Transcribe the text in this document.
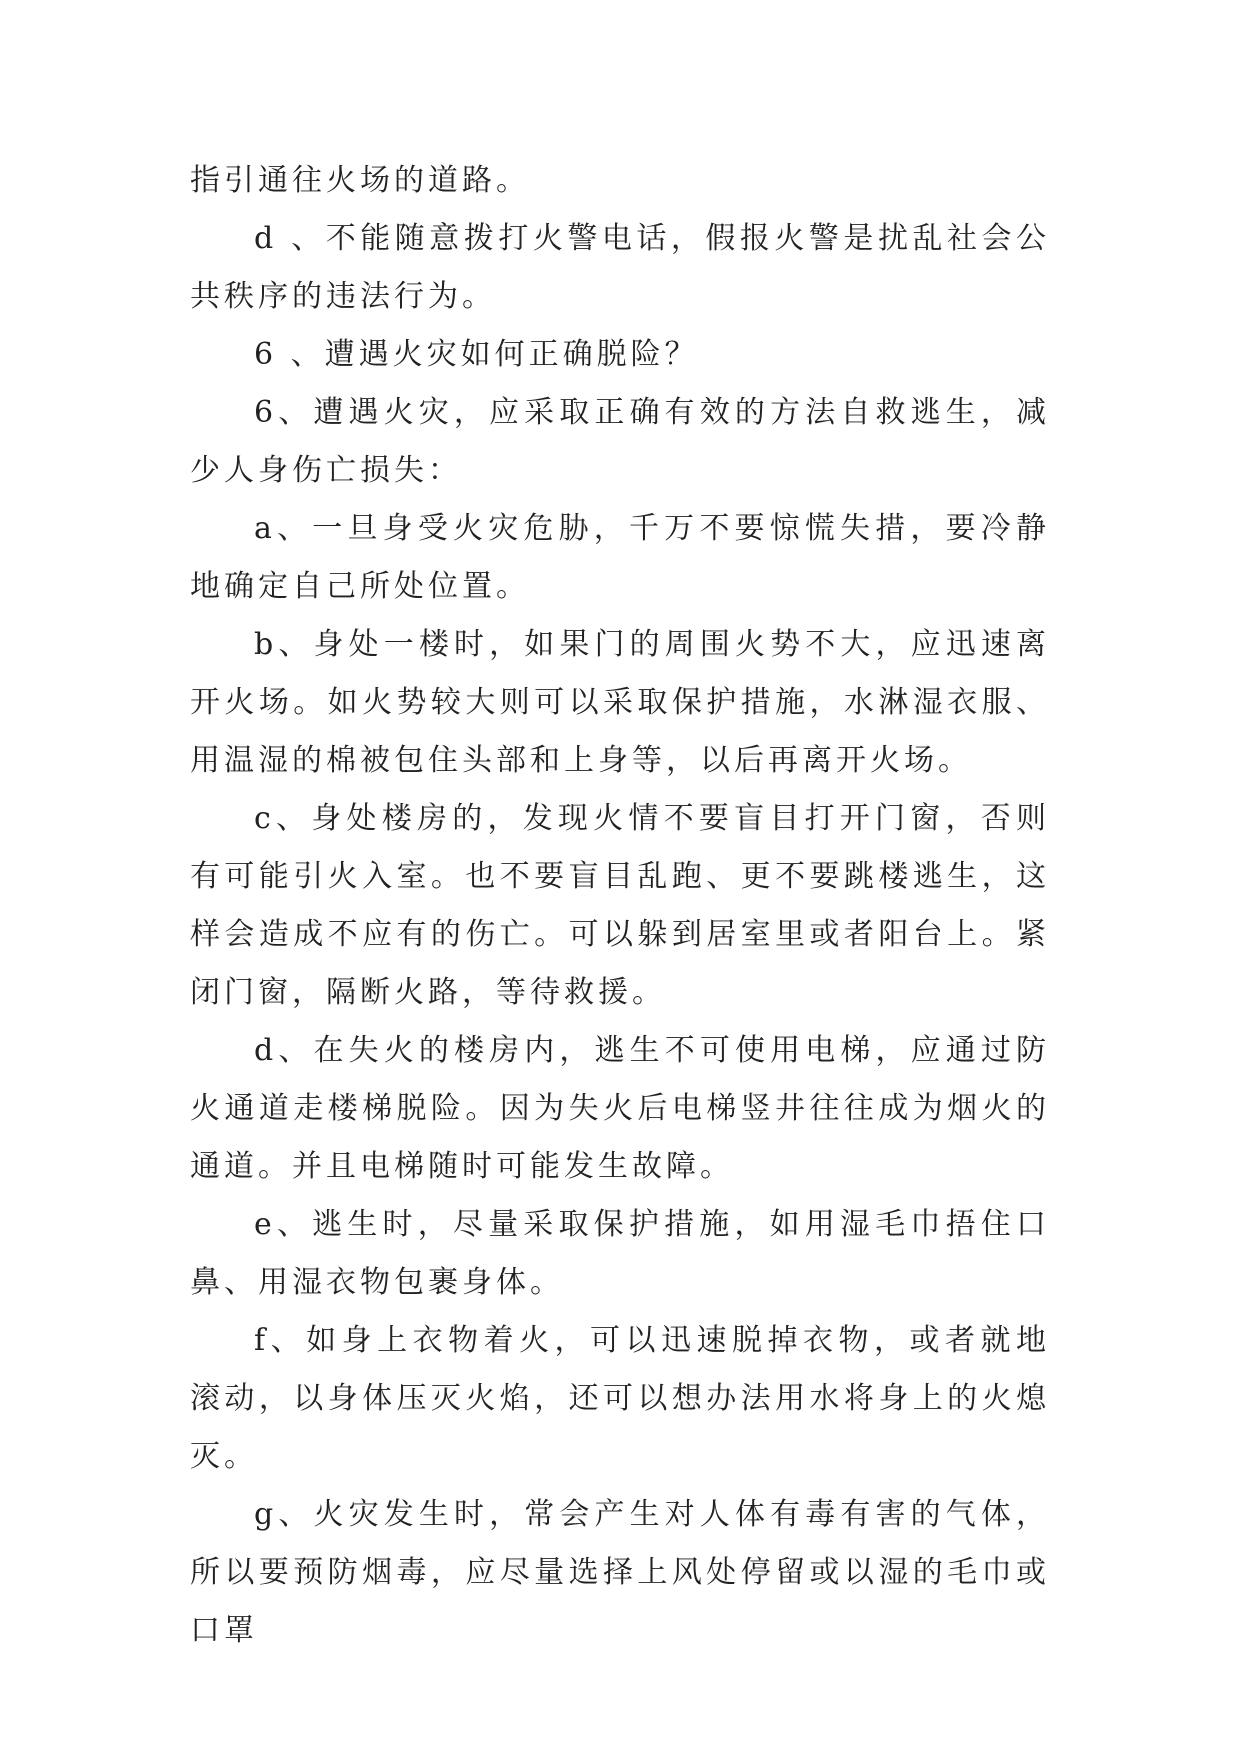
指引通往火场的道路。

d 、不能随意拨打火警电话，假报火警是扰乱社会公共秩序的违法行为。

6 、遭遇火灾如何正确脱险？

6、遭遇火灾，应采取正确有效的方法自救逃生，减少人身伤亡损失：

a、一旦身受火灾危胁，千万不要惊慌失措，要冷静地确定自己所处位置。

b、身处一楼时，如果门的周围火势不大，应迅速离开火场。如火势较大则可以采取保护措施，水淋湿衣服、用温湿的棉被包住头部和上身等，以后再离开火场。

c、身处楼房的，发现火情不要盲目打开门窗，否则有可能引火入室。也不要盲目乱跑、更不要跳楼逃生，这样会造成不应有的伤亡。可以躲到居室里或者阳台上。紧闭门窗，隔断火路，等待救援。

d、在失火的楼房内，逃生不可使用电梯，应通过防火通道走楼梯脱险。因为失火后电梯竖井往往成为烟火的通道。并且电梯随时可能发生故障。

e、逃生时，尽量采取保护措施，如用湿毛巾捂住口鼻、用湿衣物包裹身体。

f、如身上衣物着火，可以迅速脱掉衣物，或者就地滚动，以身体压灭火焰，还可以想办法用水将身上的火熄灭。

g、火灾发生时，常会产生对人体有毒有害的气体，所以要预防烟毒，应尽量选择上风处停留或以湿的毛巾或口罩
